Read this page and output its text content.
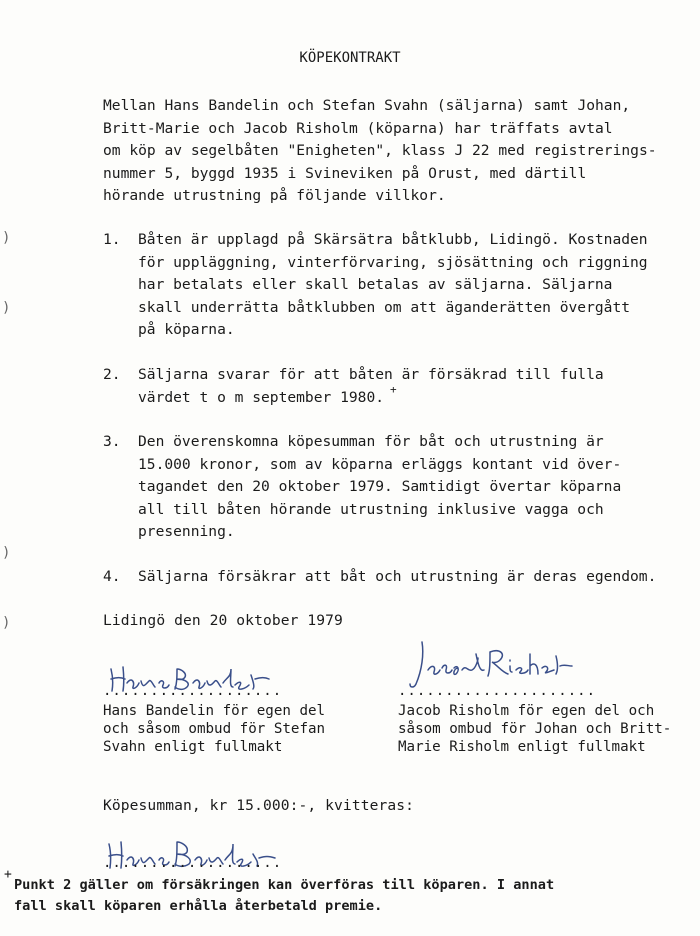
KÖPEKONTRAKT
Mellan Hans Bandelin och Stefan Svahn (säljarna) samt Johan,
Britt-Marie och Jacob Risholm (köparna) har träffats avtal
om köp av segelbåten "Enigheten", klass J 22 med registrerings-
nummer 5, byggd 1935 i Svineviken på Orust, med därtill
hörande utrustning på följande villkor.
1. Båten är upplagd på Skärsätra båtklubb, Lidingö. Kostnaden
för uppläggning, vinterförvaring, sjösättning och riggning
har betalats eller skall betalas av säljarna. Säljarna
skall underrätta båtklubben om att äganderätten övergått
på köparna.
2. Säljarna svarar för att båten är försäkrad till fulla
värdet t o m september 1980. +
3. Den överenskomna köpesumman för båt och utrustning är
15.000 kronor, som av köparna erläggs kontant vid över-
tagandet den 20 oktober 1979. Samtidigt övertar köparna
all till båten hörande utrustning inklusive vagga och
presenning.
4. Säljarna försäkrar att båt och utrustning är deras egendom.
Lidingö den 20 oktober 1979
...................
Hans Bandelin för egen del
och såsom ombud för Stefan
Svahn enligt fullmakt
.....................
Jacob Risholm för egen del och
såsom ombud för Johan och Britt-
Marie Risholm enligt fullmakt
Köpesumman, kr 15.000:-, kvitteras:
...................
+
Punkt 2 gäller om försäkringen kan överföras till köparen. I annat
fall skall köparen erhålla återbetald premie.
)
)
)
)
